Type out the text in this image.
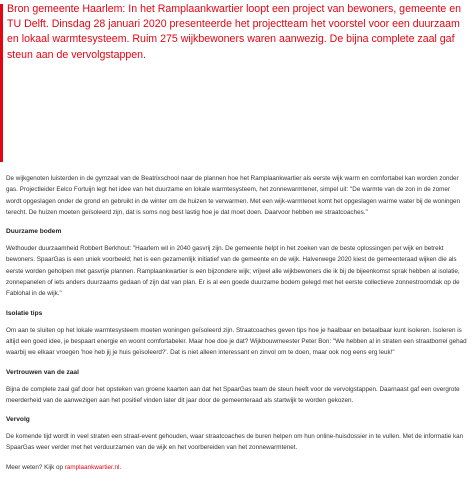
Bron gemeente Haarlem: In het Ramplaankwartier loopt een project van bewoners, gemeente en TU Delft. Dinsdag 28 januari 2020 presenteerde het projectteam het voorstel voor een duurzaam en lokaal warmtesysteem. Ruim 275 wijkbewoners waren aanwezig. De bijna complete zaal gaf steun aan de vervolgstappen.

De wijkgenoten luisterden in de gymzaal van de Beatrixschool naar de plannen hoe het Ramplaankwartier als eerste wijk warm en comfortabel kan worden zonder gas. Projectleider Eelco Fortuijn legt het idee van het duurzame en lokale warmtesysteem, het zonnewarmtenet, simpel uit: "De warmte van de zon in de zomer wordt opgeslagen onder de grond en gebruikt in de winter om de huizen te verwarmen. Met een wijk-warmtenet komt het opgeslagen warme water bij de woningen terecht. De huizen moeten geïsoleerd zijn, dat is soms nog best lastig hoe je dat moet doen. Daarvoor hebben we straatcoaches."

Duurzame bodem

Wethouder duurzaamheid Robbert Berkhout: "Haarlem wil in 2040 gasvrij zijn. De gemeente helpt in het zoeken van de beste oplossingen per wijk en betrekt bewoners. SpaarGas is een uniek voorbeeld; het is een gezamenlijk initiatief van de gemeente en de wijk. Halverwege 2020 kiest de gemeenteraad wijken die als eerste worden geholpen met gasvrije plannen. Ramplaankwartier is een bijzondere wijk; vrijwel alle wijkbewoners die ik bij de bijeenkomst sprak hebben al isolatie, zonnepanelen of iets anders duurzaams gedaan of zijn dat van plan. Er is al een goede duurzame bodem gelegd met het eerste collectieve zonnestroomdak op de Fablohal in de wijk."

Isolatie tips

Om aan te sluiten op het lokale warmtesysteem moeten woningen geïsoleerd zijn. Straatcoaches geven tips hoe je haalbaar en betaalbaar kunt isoleren. Isoleren is altijd een goed idee, je bespaart energie en woont comfortabeler. Maar hoe doe je dat? Wijkbouwmeester Peter Bon: "We hebben al in straten een straatborrel gehad waarbij we elkaar vroegen 'hoe heb jij je huis geïsoleerd?'. Dat is niet alleen interessant en zinvol om te doen, maar ook nog eens erg leuk!"

Vertrouwen van de zaal

Bijna de complete zaal gaf door het opsteken van groene kaarten aan dat het SpaarGas team de steun heeft voor de vervolgstappen. Daarnaast gaf een overgrote meerderheid van de aanwezigen aan het positief vinden later dit jaar door de gemeenteraad als startwijk te worden gekozen.

Vervolg

De komende tijd wordt in veel straten een straat-event gehouden, waar straatcoaches de buren helpen om hun online-huisdossier in te vullen. Met de informatie kan SpaarGas weer verder met het verduurzamen van de wijk en het voorbereiden van het zonnewarmtenet.

Meer weten? Kijk op ramplaankwartier.nl.
